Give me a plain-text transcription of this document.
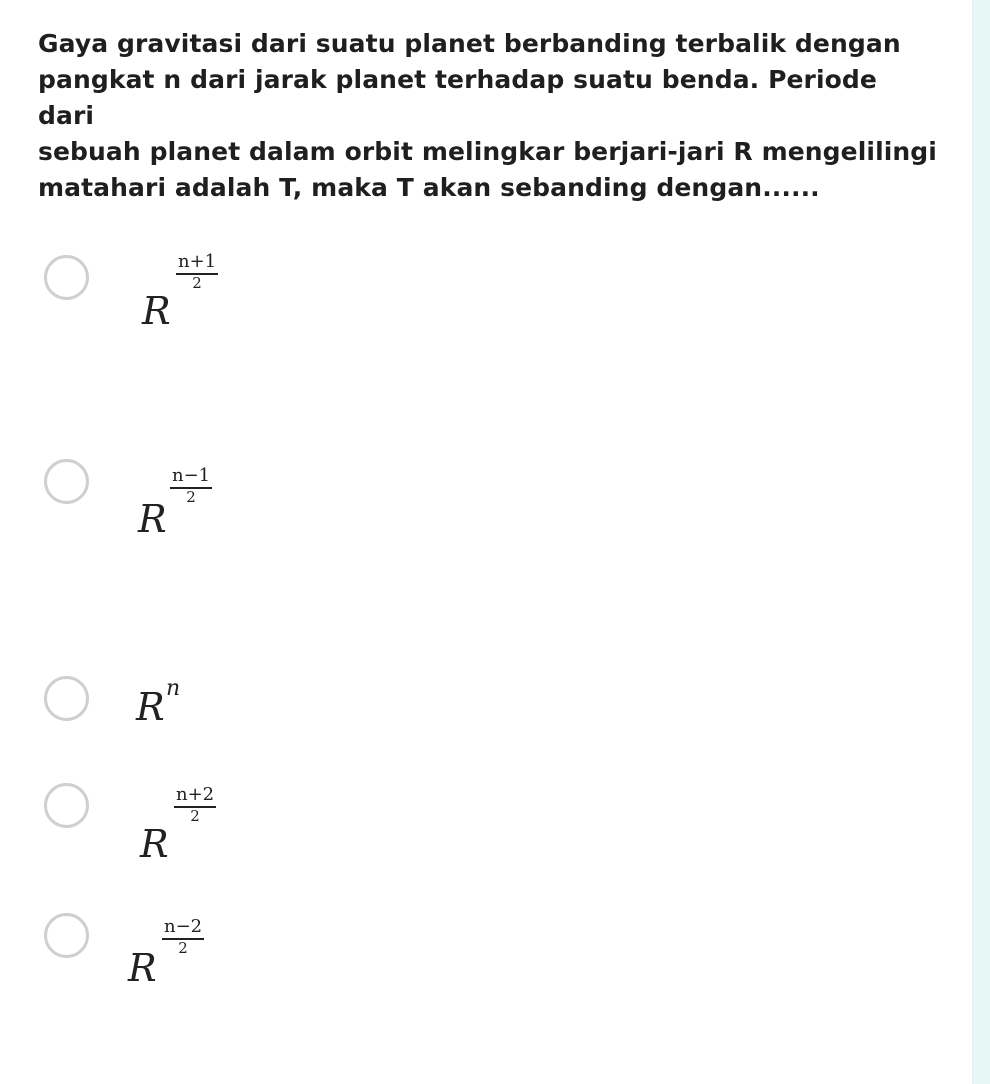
Gaya gravitasi dari suatu planet berbanding terbalik dengan
pangkat n dari jarak planet terhadap suatu benda. Periode dari
sebuah planet dalam orbit melingkar berjari-jari R mengelilingi
matahari adalah T, maka T akan sebanding dengan......
R
n+1
2
R
n−1
2
R n
R
n+2
2
R
n−2
2
